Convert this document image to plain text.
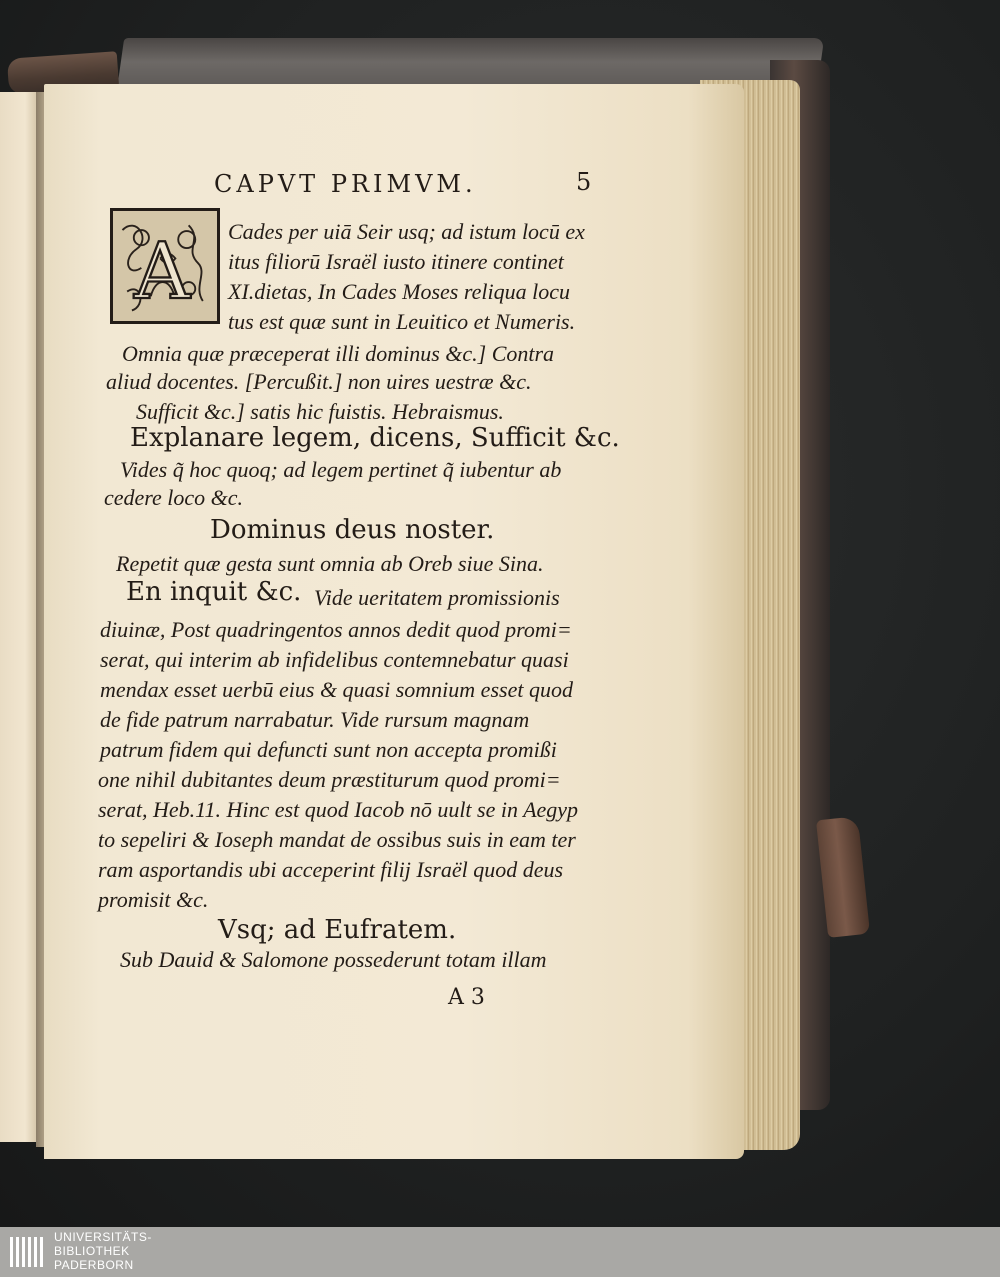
CAPVT PRIMVM.	5
A Cades per uiā Seir usq; ad istum locū ex
itus filiorū Israël iusto itinere continet
XI.dietas, In Cades Moses reliqua locu
tus est quæ sunt in Leuitico et Numeris.
Omnia quæ præceperat illi dominus &c.] Contra
aliud docentes. [Percußit.] non uires uestræ &c.
Sufficit &c.] satis hic fuistis. Hebraismus.
Explanare legem, dicens, Sufficit &c.
Vides q̃ hoc quoq; ad legem pertinet q̃ iubentur ab
cedere loco &c.
Dominus deus noster.
Repetit quæ gesta sunt omnia ab Oreb siue Sina.
En inquit &c. Vide ueritatem promissionis
diuinæ, Post quadringentos annos dedit quod promi=
serat, qui interim ab infidelibus contemnebatur quasi
mendax esset uerbū eius & quasi somnium esset quod
de fide patrum narrabatur. Vide rursum magnam
patrum fidem qui defuncti sunt non accepta promißi
one nihil dubitantes deum præstiturum quod promi=
serat, Heb.11. Hinc est quod Iacob nō uult se in Aegyp
to sepeliri & Ioseph mandat de ossibus suis in eam ter
ram asportandis ubi acceperint filij Israël quod deus
promisit &c.
Vsq; ad Eufratem.
Sub Dauid & Salomone possederunt totam illam
A 3
UNIVERSITÄTS-
BIBLIOTHEK
PADERBORN
